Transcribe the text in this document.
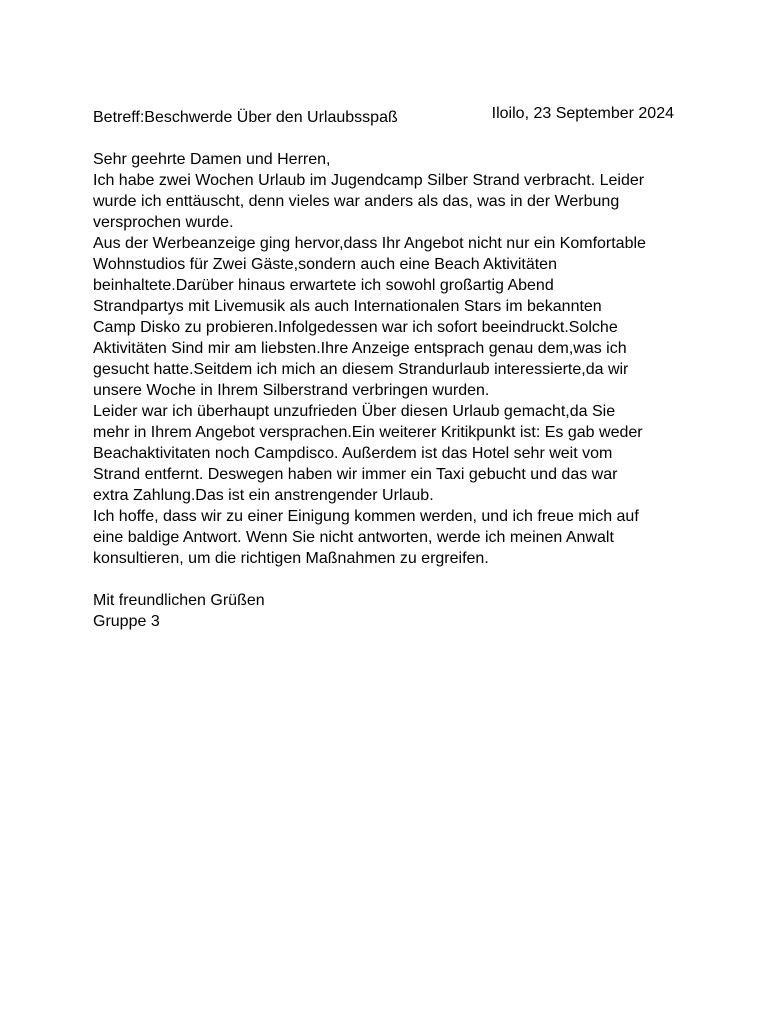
Iloilo, 23 September 2024

Betreff:Beschwerde Über den Urlaubsspaß

Sehr geehrte Damen und Herren,

Ich habe zwei Wochen Urlaub im Jugendcamp Silber Strand verbracht. Leider
wurde ich enttäuscht, denn vieles war anders als das, was in der Werbung
versprochen wurde.

Aus der Werbeanzeige ging hervor,dass Ihr Angebot nicht nur ein Komfortable
Wohnstudios für Zwei Gäste,sondern auch eine Beach Aktivitäten
beinhaltete.Darüber hinaus erwartete ich sowohl großartig Abend
Strandpartys mit Livemusik als auch Internationalen Stars im bekannten
Camp Disko zu probieren.Infolgedessen war ich sofort beeindruckt.Solche
Aktivitäten Sind mir am liebsten.Ihre Anzeige entsprach genau dem,was ich
gesucht hatte.Seitdem ich mich an diesem Strandurlaub interessierte,da wir
unsere Woche in Ihrem Silberstrand verbringen wurden.

Leider war ich überhaupt unzufrieden Über diesen Urlaub gemacht,da Sie
mehr in Ihrem Angebot versprachen.Ein weiterer Kritikpunkt ist: Es gab weder
Beachaktivitaten noch Campdisco. Außerdem ist das Hotel sehr weit vom
Strand entfernt. Deswegen haben wir immer ein Taxi gebucht und das war
extra Zahlung.Das ist ein anstrengender Urlaub.

Ich hoffe, dass wir zu einer Einigung kommen werden, und ich freue mich auf
eine baldige Antwort. Wenn Sie nicht antworten, werde ich meinen Anwalt
konsultieren, um die richtigen Maßnahmen zu ergreifen.

Mit freundlichen Grüßen

Gruppe 3
